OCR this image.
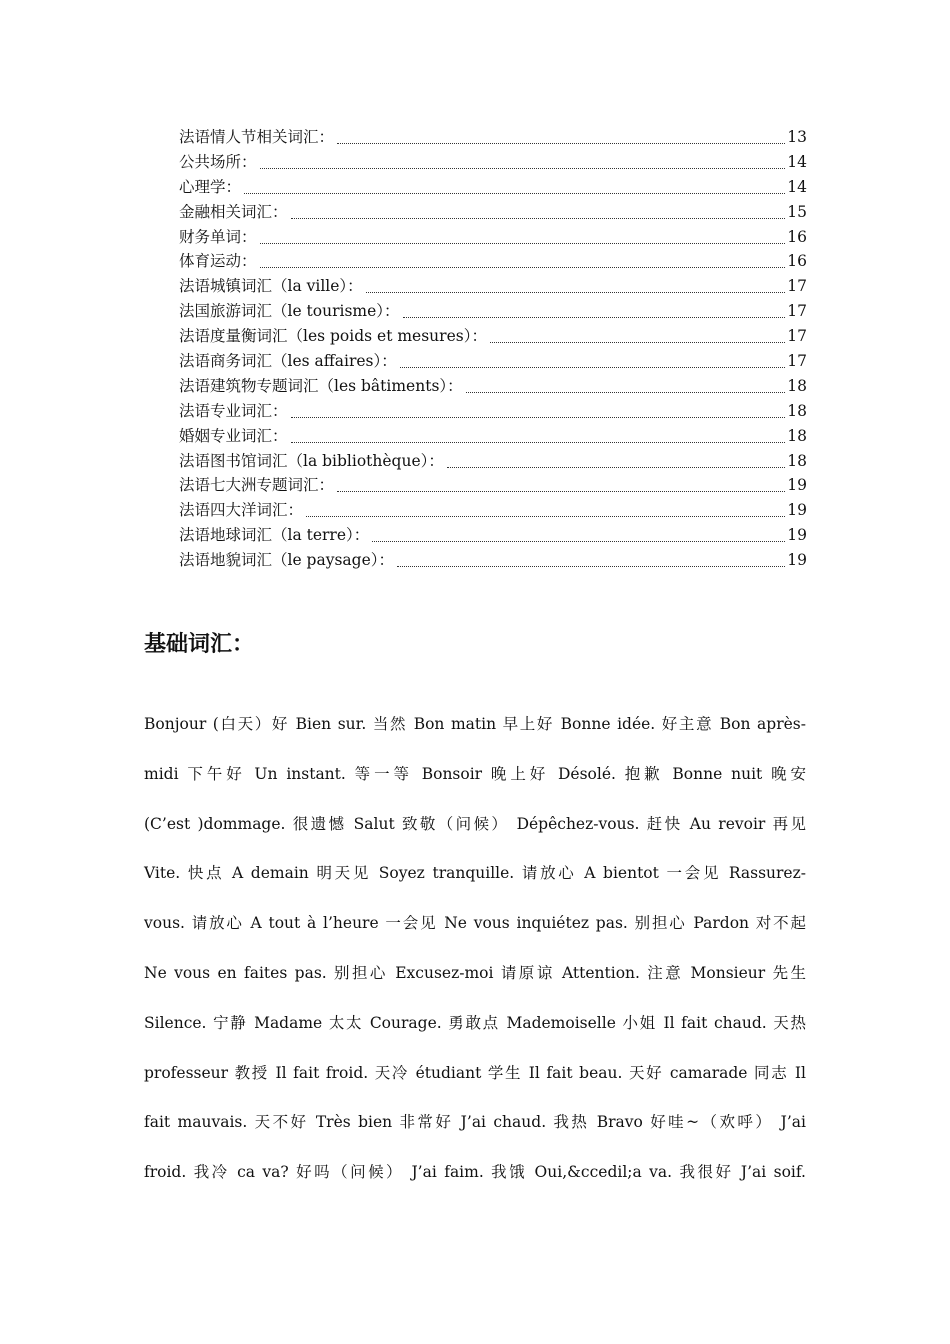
法语情人节相关词汇：	13
公共场所：	14
心理学：	14
金融相关词汇：	15
财务单词：	16
体育运动：	16
法语城镇词汇（la ville）：	17
法国旅游词汇（le tourisme）：	17
法语度量衡词汇（les poids et mesures）：	17
法语商务词汇（les affaires）：	17
法语建筑物专题词汇（les bâtiments）：	18
法语专业词汇：	18
婚姻专业词汇：	18
法语图书馆词汇（la bibliothèque）：	18
法语七大洲专题词汇：	19
法语四大洋词汇：	19
法语地球词汇（la terre）：	19
法语地貌词汇（le paysage）：	19
基础词汇：
Bonjour (白天）好 Bien sur. 当然 Bon matin 早上好 Bonne idée. 好主意 Bon après-
midi 下午好 Un instant. 等一等 Bonsoir 晚上好 Désolé. 抱歉 Bonne nuit 晚安
(C’est )dommage. 很遗憾 Salut 致敬（问候） Dépêchez-vous. 赶快 Au revoir 再见
Vite. 快点 A demain 明天见 Soyez tranquille. 请放心 A bientot 一会见 Rassurez-
vous. 请放心 A tout à l’heure 一会见 Ne vous inquiétez pas. 别担心 Pardon 对不起
Ne vous en faites pas. 别担心 Excusez-moi 请原谅 Attention. 注意 Monsieur 先生
Silence. 宁静 Madame 太太 Courage. 勇敢点 Mademoiselle 小姐 Il fait chaud. 天热
professeur 教授 Il fait froid. 天冷 étudiant 学生 Il fait beau. 天好 camarade 同志 Il
fait mauvais. 天不好 Très bien 非常好 J’ai chaud. 我热 Bravo 好哇~（欢呼） J’ai
froid. 我冷 ca va? 好吗（问候） J’ai faim. 我饿 Oui,&ccedil;a va. 我很好 J’ai soif.
